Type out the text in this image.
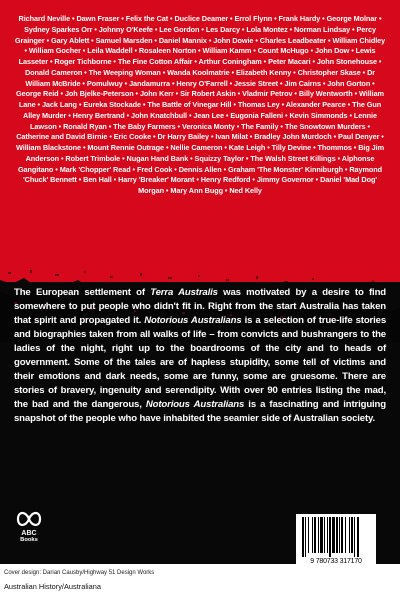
Richard Neville • Dawn Fraser • Felix the Cat • Duclice Deamer • Errol Flynn • Frank Hardy • George Molnar • Sydney Sparkes Orr • Johnny O'Keefe • Lee Gordon • Les Darcy • Lola Montez • Norman Lindsay • Percy Grainger • Gary Ablett • Samuel Marsden • Daniel Mannix • John Dowie • Charles Leadbeater • William Chidley • William Gocher • Leila Waddell • Rosaleen Norton • William Kamm • Count McHugo • John Dow • Lewis Lasseter • Roger Tichborne • The Fine Cotton Affair • Arthur Coningham • Peter Macari • John Stonehouse • Donald Cameron • The Weeping Woman • Wanda Koolmatrie • Elizabeth Kenny • Christopher Skase • Dr William McBride • Pomulwuy • Jandamurra • Henry O'Farrell • Jessie Street • Jim Cairns • John Gorton • George Reid • Joh Bjelke-Peterson • John Kerr • Sir Robert Askin • Vladmir Petrov • Billy Wentworth • William Lane • Jack Lang • Eureka Stockade • The Battle of Vinegar Hill • Thomas Ley • Alexander Pearce • The Gun Alley Murder • Henry Bertrand • John Knatchbull • Jean Lee • Eugonia Falleni • Kevin Simmonds • Lennie Lawson • Ronald Ryan • The Baby Farmers • Veronica Monty • The Family • The Snowtown Murders • Catherine and David Birnie • Eric Cooke • Dr Harry Bailey • Ivan Milat • Bradley John Murdoch • Paul Denyer • William Blackstone • Mount Rennie Outrage • Nellie Cameron • Kate Leigh • Tilly Devine • Thommos • Big Jim Anderson • Robert Trimbole • Nugan Hand Bank • Squizzy Taylor • The Walsh Street Killings • Alphonse Gangitano • Mark 'Chopper' Read • Fred Cook • Dennis Allen • Graham 'The Monster' Kinniburgh • Raymond 'Chuck' Bennett • Ben Hall • Harry 'Breaker' Morant • Henry Redford • Jimmy Governor • Daniel 'Mad Dog' Morgan • Mary Ann Bugg • Ned Kelly

The European settlement of Terra Australis was motivated by a desire to find somewhere to put people who didn't fit in. Right from the start Australia has taken that spirit and propagated it. Notorious Australians is a selection of true-life stories and biographies taken from all walks of life – from convicts and bushrangers to the ladies of the night, right up to the boardrooms of the city and to heads of government. Some of the tales are of hapless stupidity, some tell of victims and their emotions and dark needs, some are funny, some are gruesome. There are stories of bravery, ingenuity and serendipity. With over 90 entries listing the mad, the bad and the dangerous, Notorious Australians is a fascinating and intriguing snapshot of the people who have inhabited the seamier side of Australian society.

ABC
Books
Cover design: Darian Causby/Highway 51 Design Works
Australian History/Australiana
9 780733 317170
